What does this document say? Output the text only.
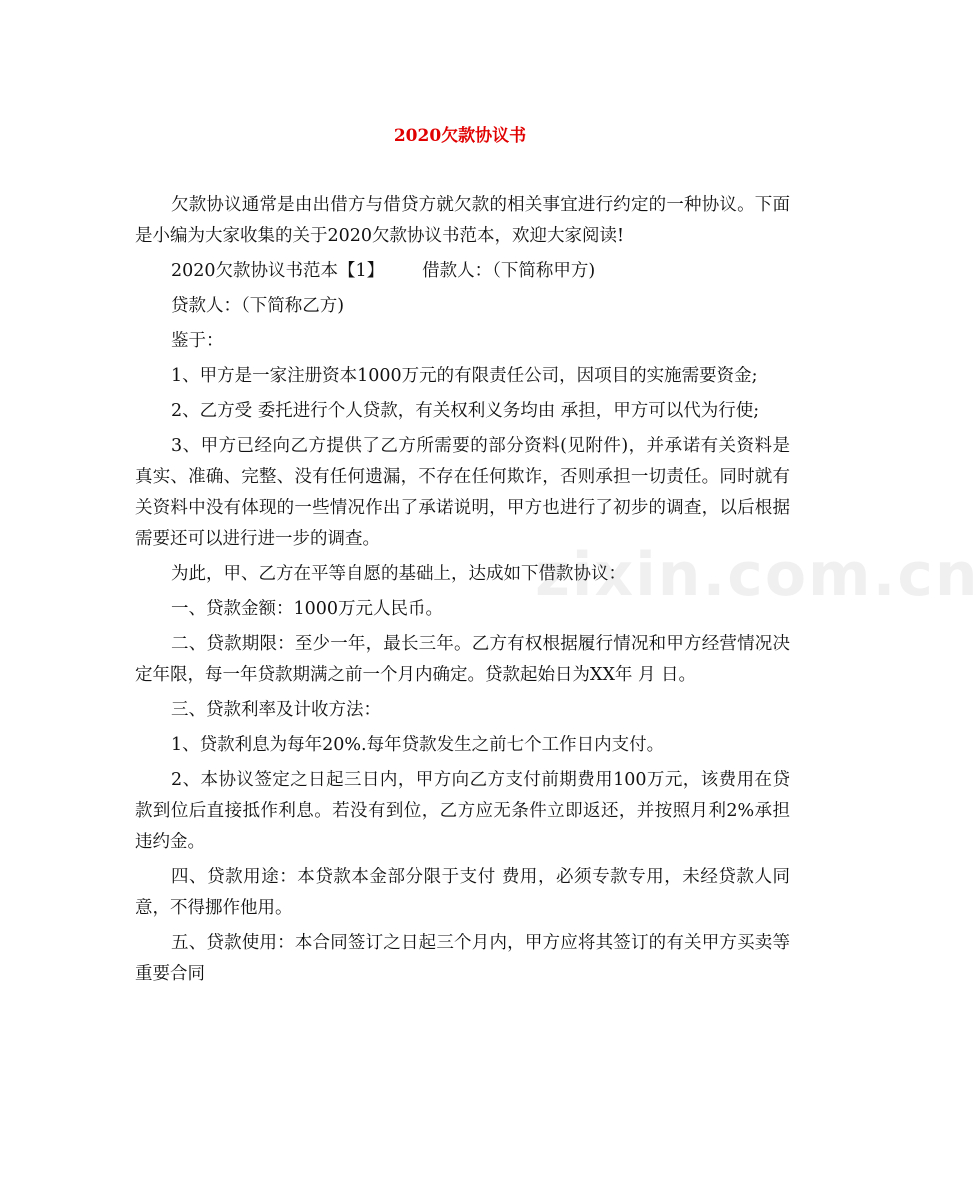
2020欠款协议书
zixin.com.cn

欠款协议通常是由出借方与借贷方就欠款的相关事宜进行约定的一种协议。下面是小编为大家收集的关于2020欠款协议书范本，欢迎大家阅读!

2020欠款协议书范本【1】 借款人：（下简称甲方)

贷款人：（下简称乙方)

鉴于：

1、甲方是一家注册资本1000万元的有限责任公司，因项目的实施需要资金;

2、乙方受 委托进行个人贷款，有关权利义务均由 承担，甲方可以代为行使;

3、甲方已经向乙方提供了乙方所需要的部分资料(见附件)，并承诺有关资料是真实、准确、完整、没有任何遗漏，不存在任何欺诈，否则承担一切责任。同时就有关资料中没有体现的一些情况作出了承诺说明，甲方也进行了初步的调查，以后根据需要还可以进行进一步的调查。

为此，甲、乙方在平等自愿的基础上，达成如下借款协议：

一、贷款金额：1000万元人民币。

二、贷款期限：至少一年，最长三年。乙方有权根据履行情况和甲方经营情况决定年限，每一年贷款期满之前一个月内确定。贷款起始日为XX年 月 日。

三、贷款利率及计收方法：

1、贷款利息为每年20%.每年贷款发生之前七个工作日内支付。

2、本协议签定之日起三日内，甲方向乙方支付前期费用100万元，该费用在贷款到位后直接抵作利息。若没有到位，乙方应无条件立即返还，并按照月利2%承担违约金。

四、贷款用途：本贷款本金部分限于支付 费用，必须专款专用，未经贷款人同意，不得挪作他用。

五、贷款使用：本合同签订之日起三个月内，甲方应将其签订的有关甲方买卖等重要合同
